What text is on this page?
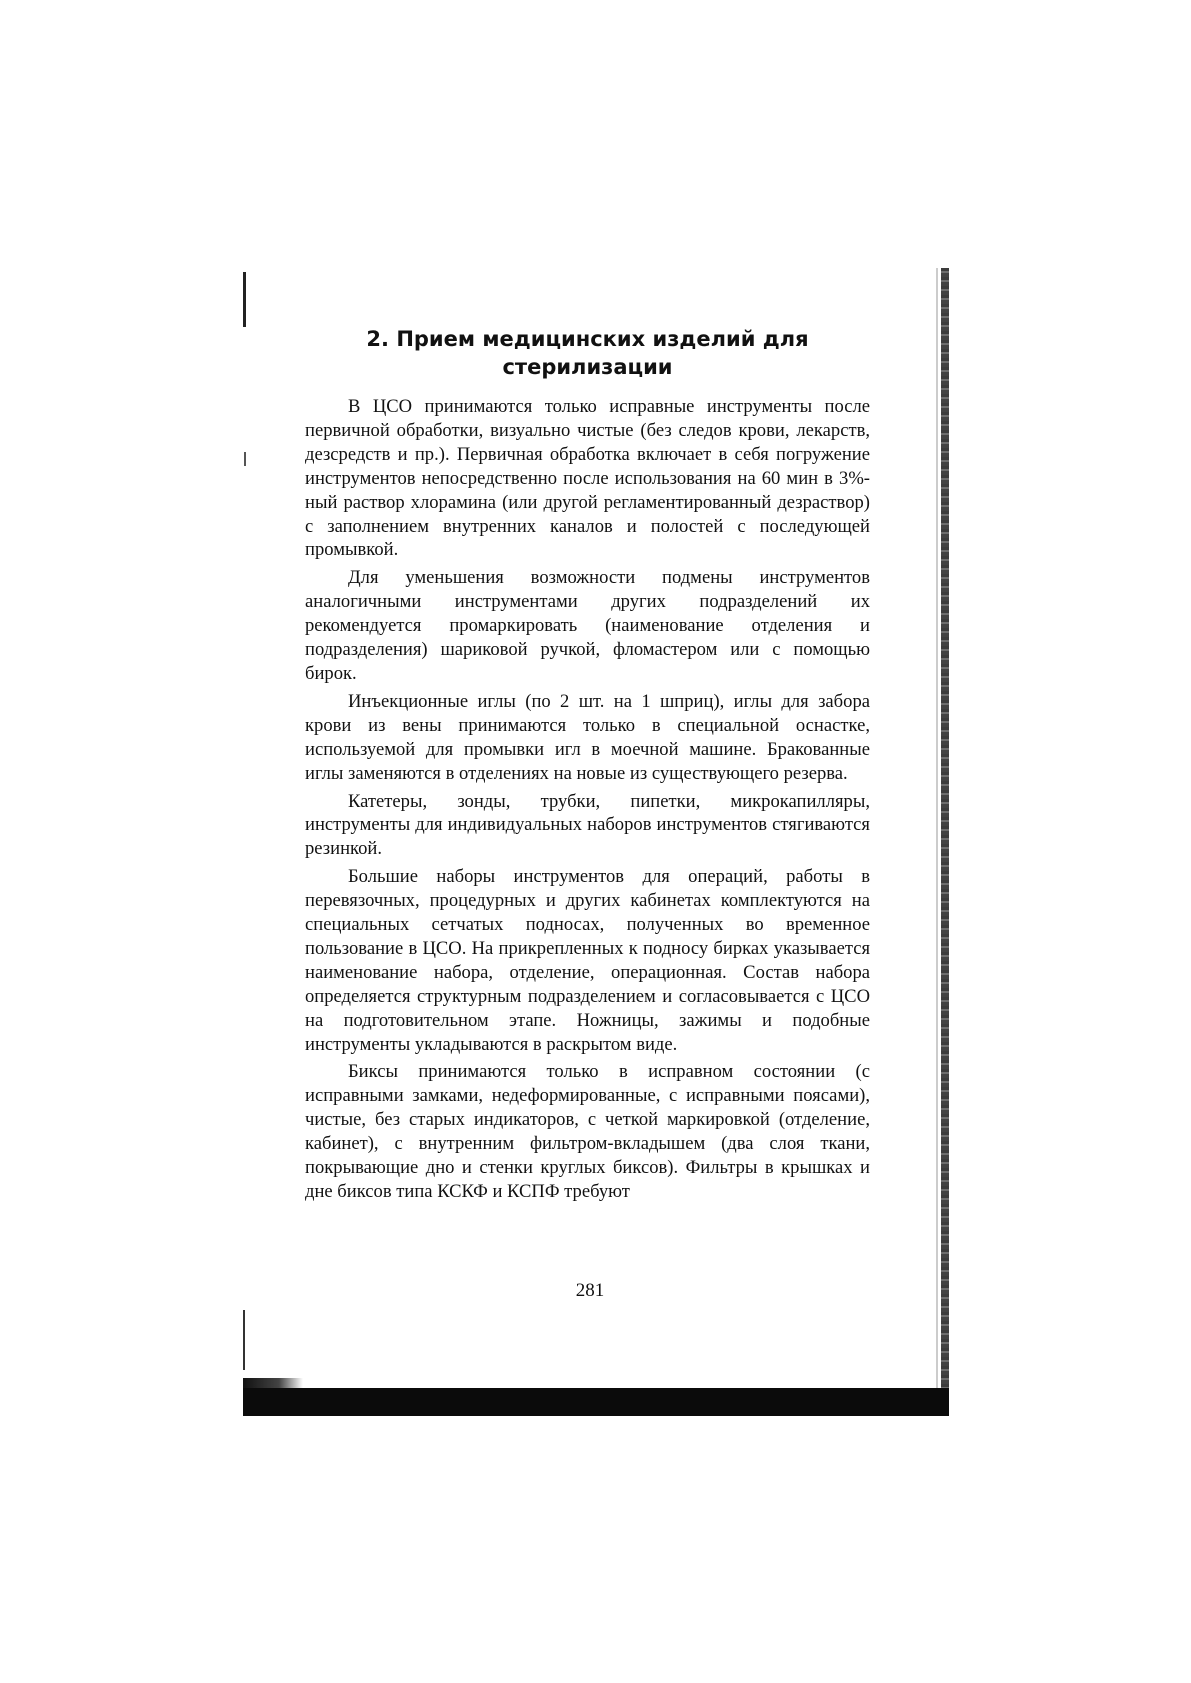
2. Прием медицинских изделий для
стерилизации

В ЦСО принимаются только исправные инструменты после первичной обработки, визуально чистые (без следов крови, лекарств, дезсредств и пр.). Первичная обработка включает в себя погружение инструментов непосредственно после использования на 60 мин в 3%-ный раствор хлорамина (или другой регламентированный дезраствор) с заполнением внутренних каналов и полостей с последующей промывкой.

Для уменьшения возможности подмены инструментов аналогичными инструментами других подразделений их рекомендуется промаркировать (наименование отделения и подразделения) шариковой ручкой, фломастером или с помощью бирок.

Инъекционные иглы (по 2 шт. на 1 шприц), иглы для забора крови из вены принимаются только в специальной оснастке, используемой для промывки игл в моечной машине. Бракованные иглы заменяются в отделениях на новые из существующего резерва.

Катетеры, зонды, трубки, пипетки, микрокапилляры, инструменты для индивидуальных наборов инструментов стягиваются резинкой.

Большие наборы инструментов для операций, работы в перевязочных, процедурных и других кабинетах комплектуются на специальных сетчатых подносах, полученных во временное пользование в ЦСО. На прикрепленных к подносу бирках указывается наименование набора, отделение, операционная. Состав набора определяется структурным подразделением и согласовывается с ЦСО на подготовительном этапе. Ножницы, зажимы и подобные инструменты укладываются в раскрытом виде.

Биксы принимаются только в исправном состоянии (с исправными замками, недеформированные, с исправными поясами), чистые, без старых индикаторов, с четкой маркировкой (отделение, кабинет), с внутренним фильтром-вкладышем (два слоя ткани, покрывающие дно и стенки круглых биксов). Фильтры в крышках и дне биксов типа КСКФ и КСПФ требуют

281
